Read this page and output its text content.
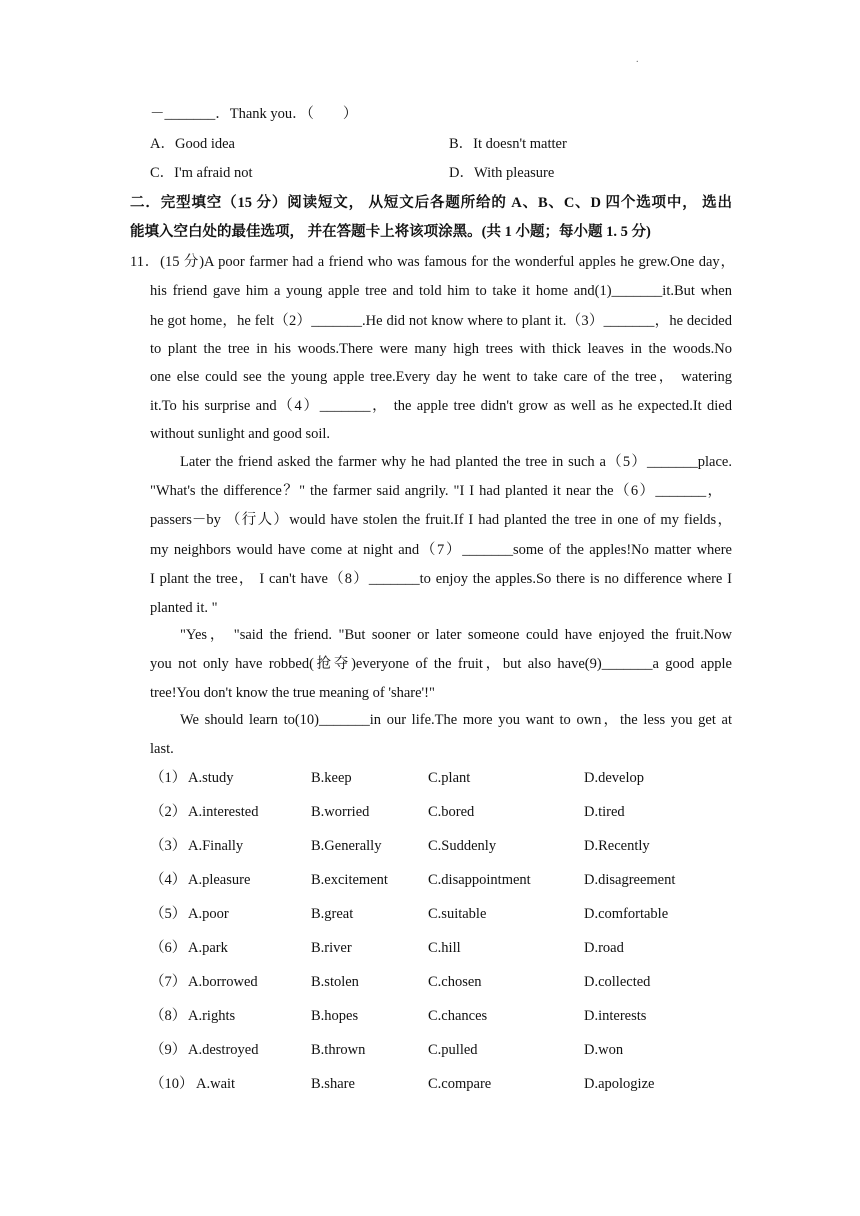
.
－_______．Thank you．（　　）
A．Good idea	B．It doesn't matter
C．I'm afraid not	D．With pleasure
二．完型填空（15 分）阅读短文， 从短文后各题所给的 A、B、C、D 四个选项中， 选出
能填入空白处的最佳选项， 并在答题卡上将该项涂黑。(共 1 小题；每小题 1. 5 分)
11．(15 分)A poor farmer had a friend who was famous for the wonderful apples he grew.One day，
his friend gave him a young apple tree and told him to take it home and(1)_______it.But when
he got home，he felt（2）_______.He did not know where to plant it.（3）_______，he decided
to plant the tree in his woods.There were many high trees with thick leaves in the woods.No
one else could see the young apple tree.Every day he went to take care of the tree， watering
it.To his surprise and（4）_______， the apple tree didn't grow as well as he expected.It died
without sunlight and good soil.
Later the friend asked the farmer why he had planted the tree in such a（5）_______place.
"What's the difference？" the farmer said angrily. "I I had planted it near the（6）_______，
passers－by （行人）would have stolen the fruit.If I had planted the tree in one of my fields，
my neighbors would have come at night and（7）_______some of the apples!No matter where
I plant the tree， I can't have（8）_______to enjoy the apples.So there is no difference where I
planted it. "
"Yes， "said the friend. "But sooner or later someone could have enjoyed the fruit.Now
you not only have robbed(抢夺)everyone of the fruit，but also have(9)_______a good apple
tree!You don't know the true meaning of 'share'!"
We should learn to(10)_______in our life.The more you want to own，the less you get at
last.
（1） A.study	B.keep	C.plant	D.develop
（2） A.interested	B.worried	C.bored	D.tired
（3） A.Finally	B.Generally	C.Suddenly	D.Recently
（4） A.pleasure	B.excitement	C.disappointment	D.disagreement
（5） A.poor	B.great	C.suitable	D.comfortable
（6） A.park	B.river	C.hill	D.road
（7） A.borrowed	B.stolen	C.chosen	D.collected
（8） A.rights	B.hopes	C.chances	D.interests
（9） A.destroyed	B.thrown	C.pulled	D.won
（10） A.wait	B.share	C.compare	D.apologize
